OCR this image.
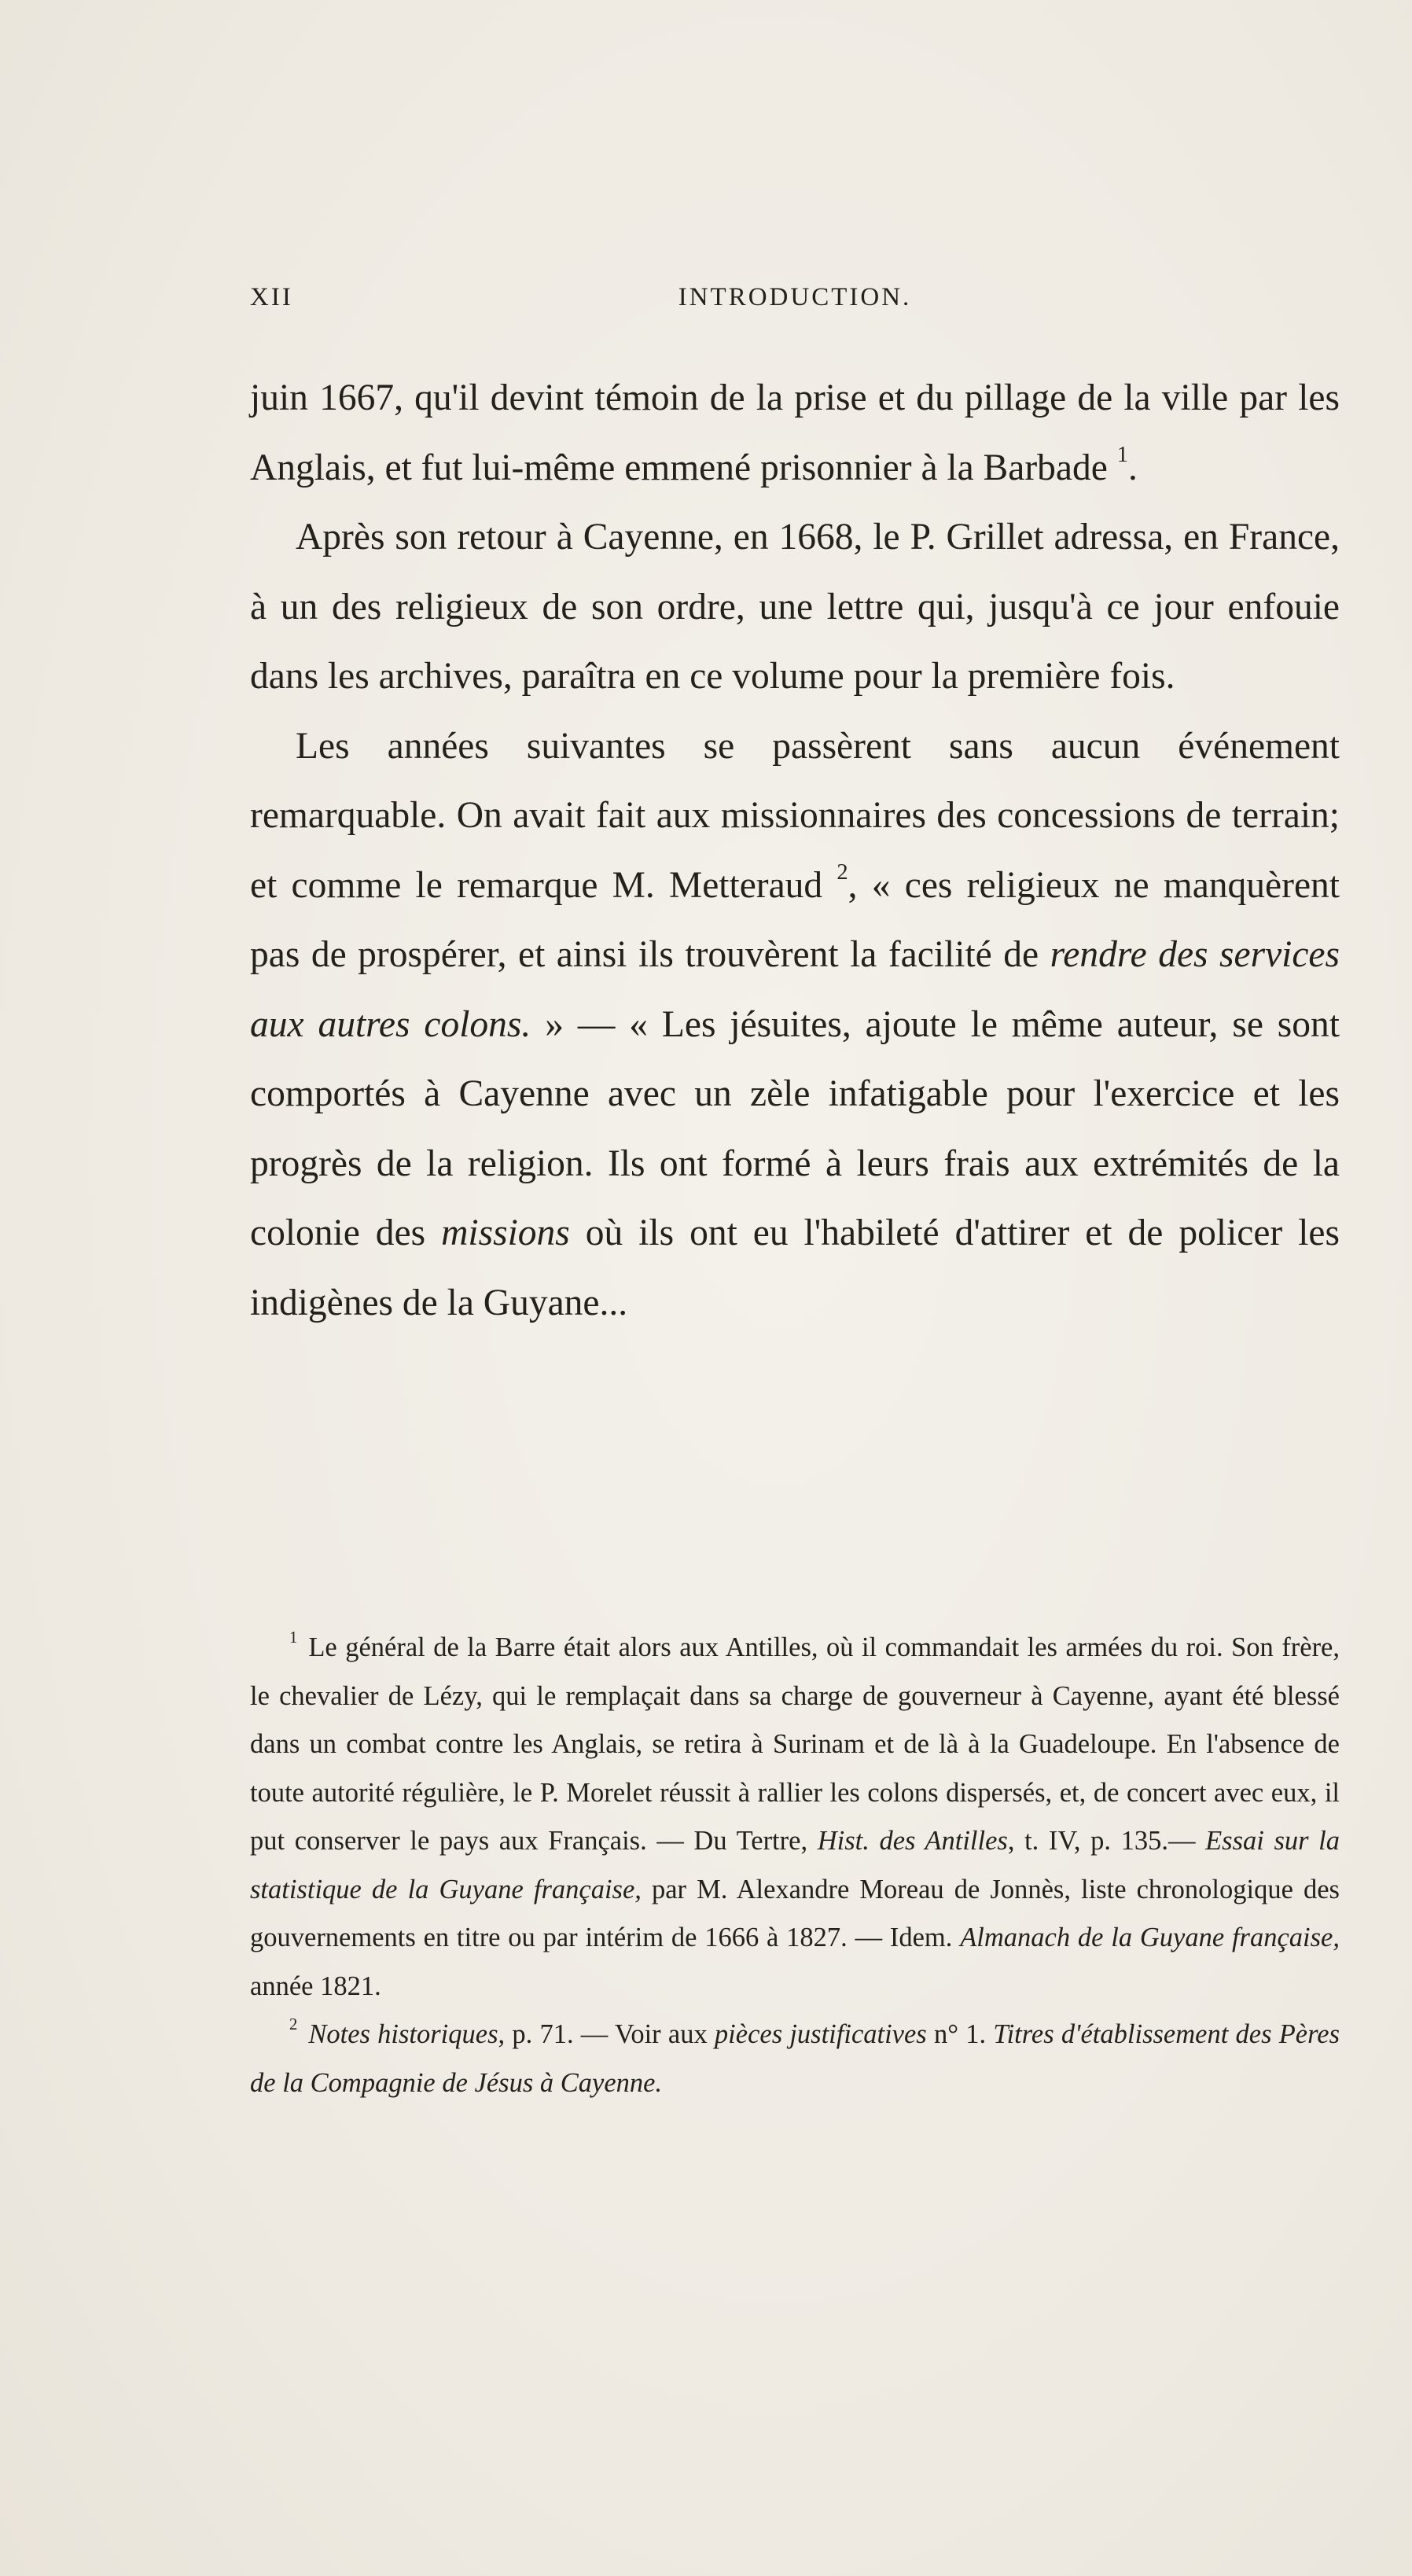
XII	INTRODUCTION.

juin 1667, qu'il devint témoin de la prise et du pillage de la ville par les Anglais, et fut lui-même emmené prisonnier à la Barbade $^1$.

Après son retour à Cayenne, en 1668, le P. Grillet adressa, en France, à un des religieux de son ordre, une lettre qui, jusqu'à ce jour enfouie dans les archives, paraîtra en ce volume pour la première fois.

Les années suivantes se passèrent sans aucun événement remarquable. On avait fait aux missionnaires des concessions de terrain; et comme le remarque M. Metteraud $^2$, « ces religieux ne manquèrent pas de prospérer, et ainsi ils trouvèrent la facilité de rendre des services aux autres colons. » — « Les jésuites, ajoute le même auteur, se sont comportés à Cayenne avec un zèle infatigable pour l'exercice et les progrès de la religion. Ils ont formé à leurs frais aux extrémités de la colonie des missions où ils ont eu l'habileté d'attirer et de policer les indigènes de la Guyane...

$^1$ Le général de la Barre était alors aux Antilles, où il commandait les armées du roi. Son frère, le chevalier de Lézy, qui le remplaçait dans sa charge de gouverneur à Cayenne, ayant été blessé dans un combat contre les Anglais, se retira à Surinam et de là à la Guadeloupe. En l'absence de toute autorité régulière, le P. Morelet réussit à rallier les colons dispersés, et, de concert avec eux, il put conserver le pays aux Français. — Du Tertre, Hist. des Antilles, t. IV, p. 135.— Essai sur la statistique de la Guyane française, par M. Alexandre Moreau de Jonnès, liste chronologique des gouvernements en titre ou par intérim de 1666 à 1827. — Idem. Almanach de la Guyane française, année 1821.

$^2$ Notes historiques, p. 71. — Voir aux pièces justificatives n° 1. Titres d'établissement des Pères de la Compagnie de Jésus à Cayenne.
